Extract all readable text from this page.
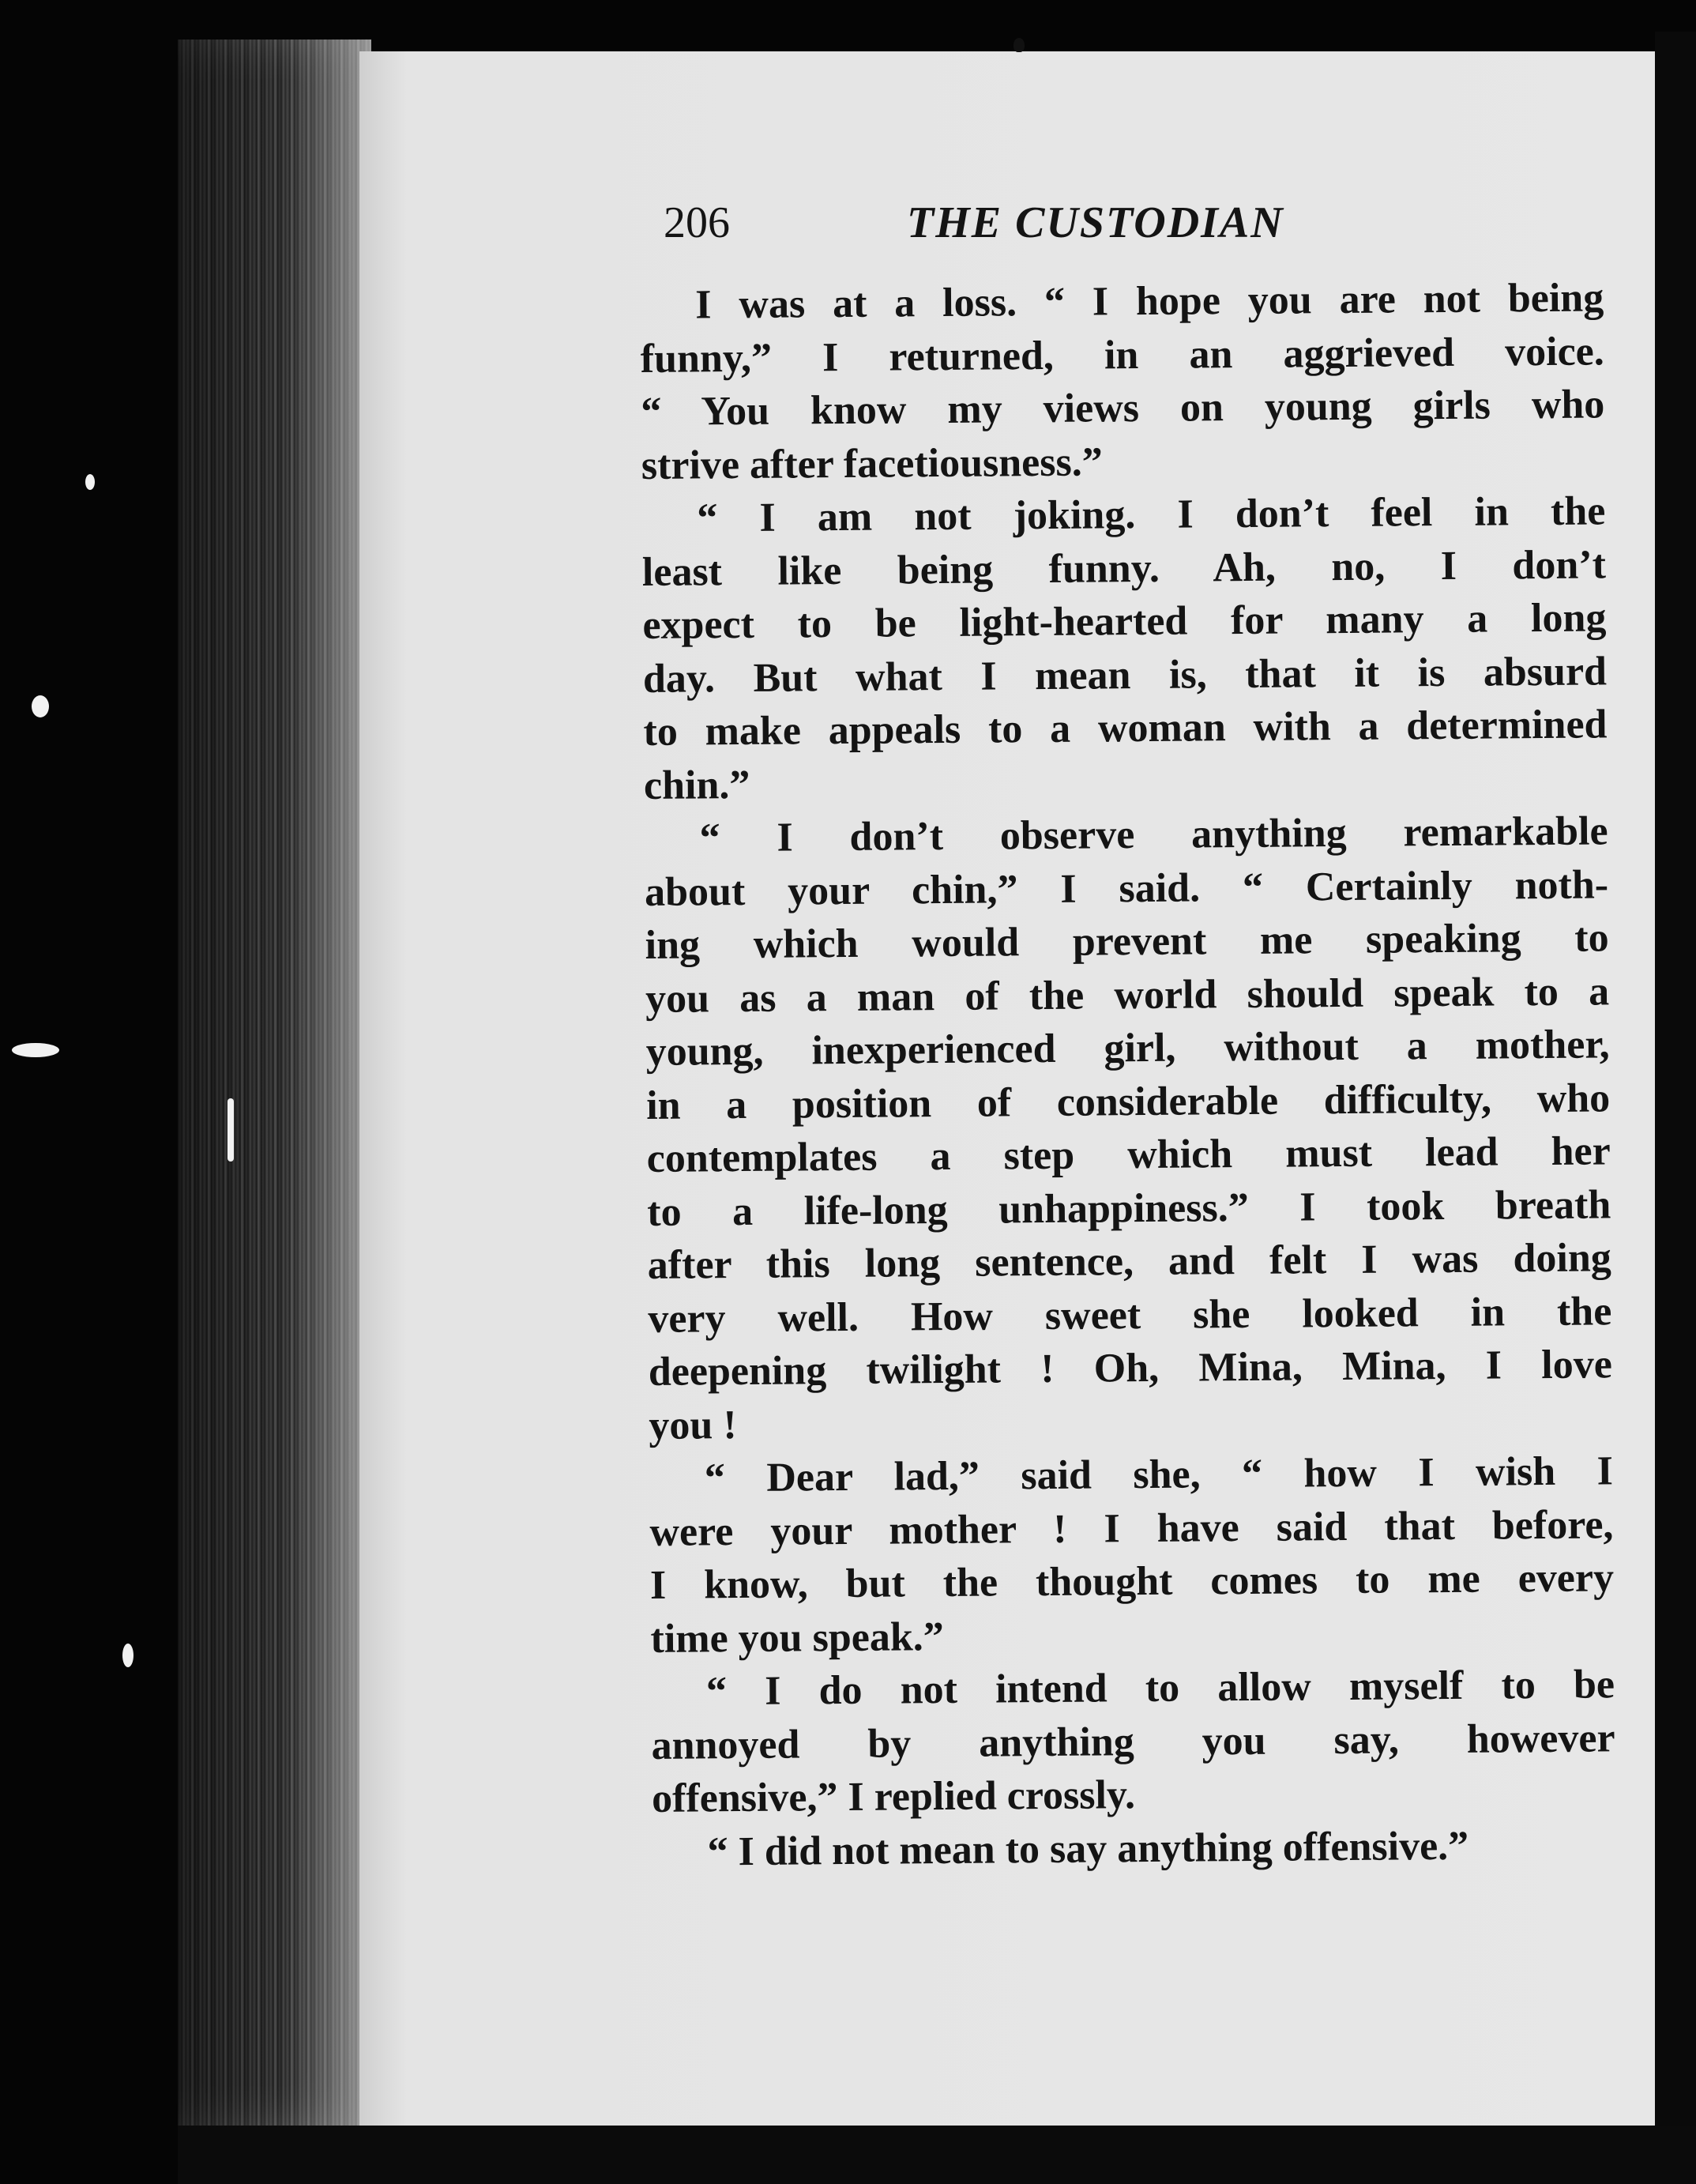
206	THE CUSTODIAN
I was at a loss. “ I hope you are not being
funny,” I returned, in an aggrieved voice.
“ You know my views on young girls who
strive after facetiousness.”
“ I am not joking. I don’t feel in the
least like being funny. Ah, no, I don’t
expect to be light-hearted for many a long
day. But what I mean is, that it is absurd
to make appeals to a woman with a determined
chin.”
“ I don’t observe anything remarkable
about your chin,” I said. “ Certainly noth-
ing which would prevent me speaking to
you as a man of the world should speak to a
young, inexperienced girl, without a mother,
in a position of considerable difficulty, who
contemplates a step which must lead her
to a life-long unhappiness.” I took breath
after this long sentence, and felt I was doing
very well. How sweet she looked in the
deepening twilight ! Oh, Mina, Mina, I love
you !
“ Dear lad,” said she, “ how I wish I
were your mother ! I have said that before,
I know, but the thought comes to me every
time you speak.”
“ I do not intend to allow myself to be
annoyed by anything you say, however
offensive,” I replied crossly.
“ I did not mean to say anything offensive.”
